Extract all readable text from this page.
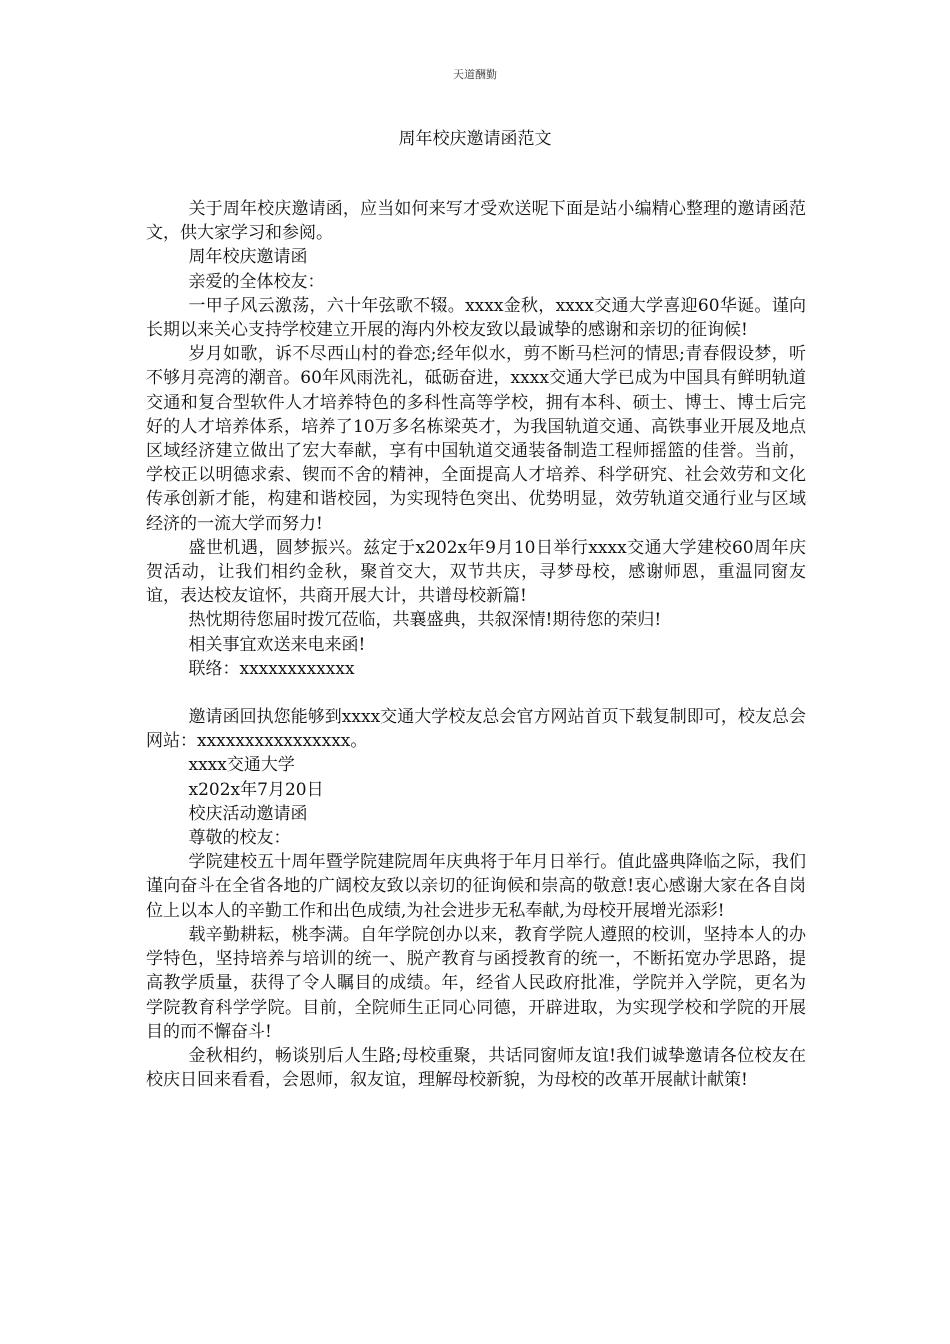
天道酬勤
周年校庆邀请函范文

关于周年校庆邀请函，应当如何来写才受欢送呢下面是站小编精心整理的邀请函范文，供大家学习和参阅。

周年校庆邀请函

亲爱的全体校友：

一甲子风云激荡，六十年弦歌不辍。xxxx金秋，xxxx交通大学喜迎60华诞。谨向长期以来关心支持学校建立开展的海内外校友致以最诚挚的感谢和亲切的征询候!

岁月如歌，诉不尽西山村的眷恋;经年似水，剪不断马栏河的情思;青春假设梦，听不够月亮湾的潮音。60年风雨洗礼，砥砺奋进，xxxx交通大学已成为中国具有鲜明轨道交通和复合型软件人才培养特色的多科性高等学校，拥有本科、硕士、博士、博士后完好的人才培养体系，培养了10万多名栋梁英才，为我国轨道交通、高铁事业开展及地点区域经济建立做出了宏大奉献，享有中国轨道交通装备制造工程师摇篮的佳誉。当前，学校正以明德求索、锲而不舍的精神，全面提高人才培养、科学研究、社会效劳和文化传承创新才能，构建和谐校园，为实现特色突出、优势明显，效劳轨道交通行业与区域经济的一流大学而努力!

盛世机遇，圆梦振兴。兹定于x202x年9月10日举行xxxx交通大学建校60周年庆贺活动，让我们相约金秋，聚首交大，双节共庆，寻梦母校，感谢师恩，重温同窗友谊，表达校友谊怀，共商开展大计，共谱母校新篇!

热忱期待您届时拨冗莅临，共襄盛典，共叙深情!期待您的荣归!

相关事宜欢送来电来函!

联络：xxxxxxxxxxxx

邀请函回执您能够到xxxx交通大学校友总会官方网站首页下载复制即可，校友总会网站：xxxxxxxxxxxxxxxx。

xxxx交通大学

x202x年7月20日

校庆活动邀请函

尊敬的校友：

学院建校五十周年暨学院建院周年庆典将于年月日举行。值此盛典降临之际，我们谨向奋斗在全省各地的广阔校友致以亲切的征询候和崇高的敬意!衷心感谢大家在各自岗位上以本人的辛勤工作和出色成绩,为社会进步无私奉献,为母校开展增光添彩!

载辛勤耕耘，桃李满。自年学院创办以来，教育学院人遵照的校训，坚持本人的办学特色，坚持培养与培训的统一、脱产教育与函授教育的统一，不断拓宽办学思路，提高教学质量，获得了令人瞩目的成绩。年，经省人民政府批准，学院并入学院，更名为学院教育科学学院。目前，全院师生正同心同德，开辟进取，为实现学校和学院的开展目的而不懈奋斗!

金秋相约，畅谈别后人生路;母校重聚，共话同窗师友谊!我们诚挚邀请各位校友在校庆日回来看看，会恩师，叙友谊，理解母校新貌，为母校的改革开展献计献策!
